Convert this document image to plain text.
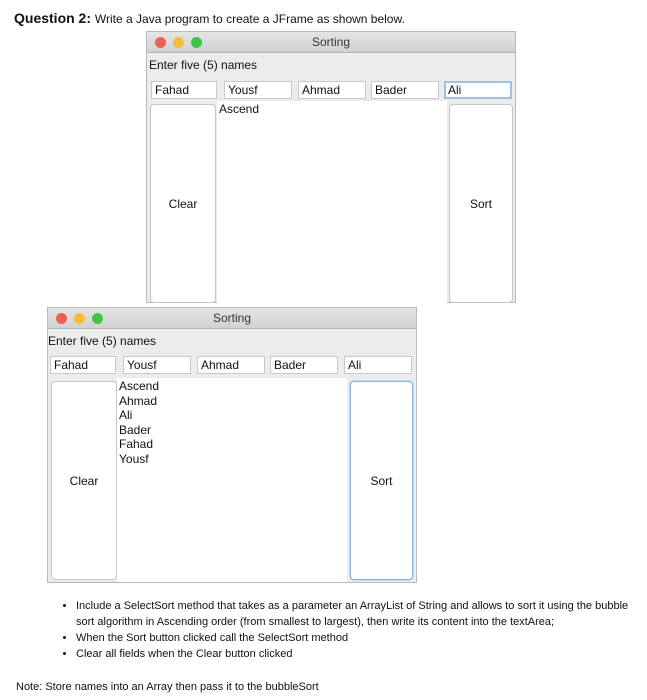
Question 2: Write a Java program to create a JFrame as shown below.
Sorting
Enter five (5) names
Fahad	Yousf	Ahmad	Bader	Ali
Clear
Ascend
Sort
Sorting
Enter five (5) names
Fahad	Yousf	Ahmad	Bader	Ali
Clear
Ascend
Ahmad
Ali
Bader
Fahad
Yousf
Sort
• Include a SelectSort method that takes as a parameter an ArrayList of String and allows to sort it using the bubble sort algorithm in Ascending order (from smallest to largest), then write its content into the textArea;
• When the Sort button clicked call the SelectSort method
• Clear all fields when the Clear button clicked
Note: Store names into an Array then pass it to the bubbleSort
